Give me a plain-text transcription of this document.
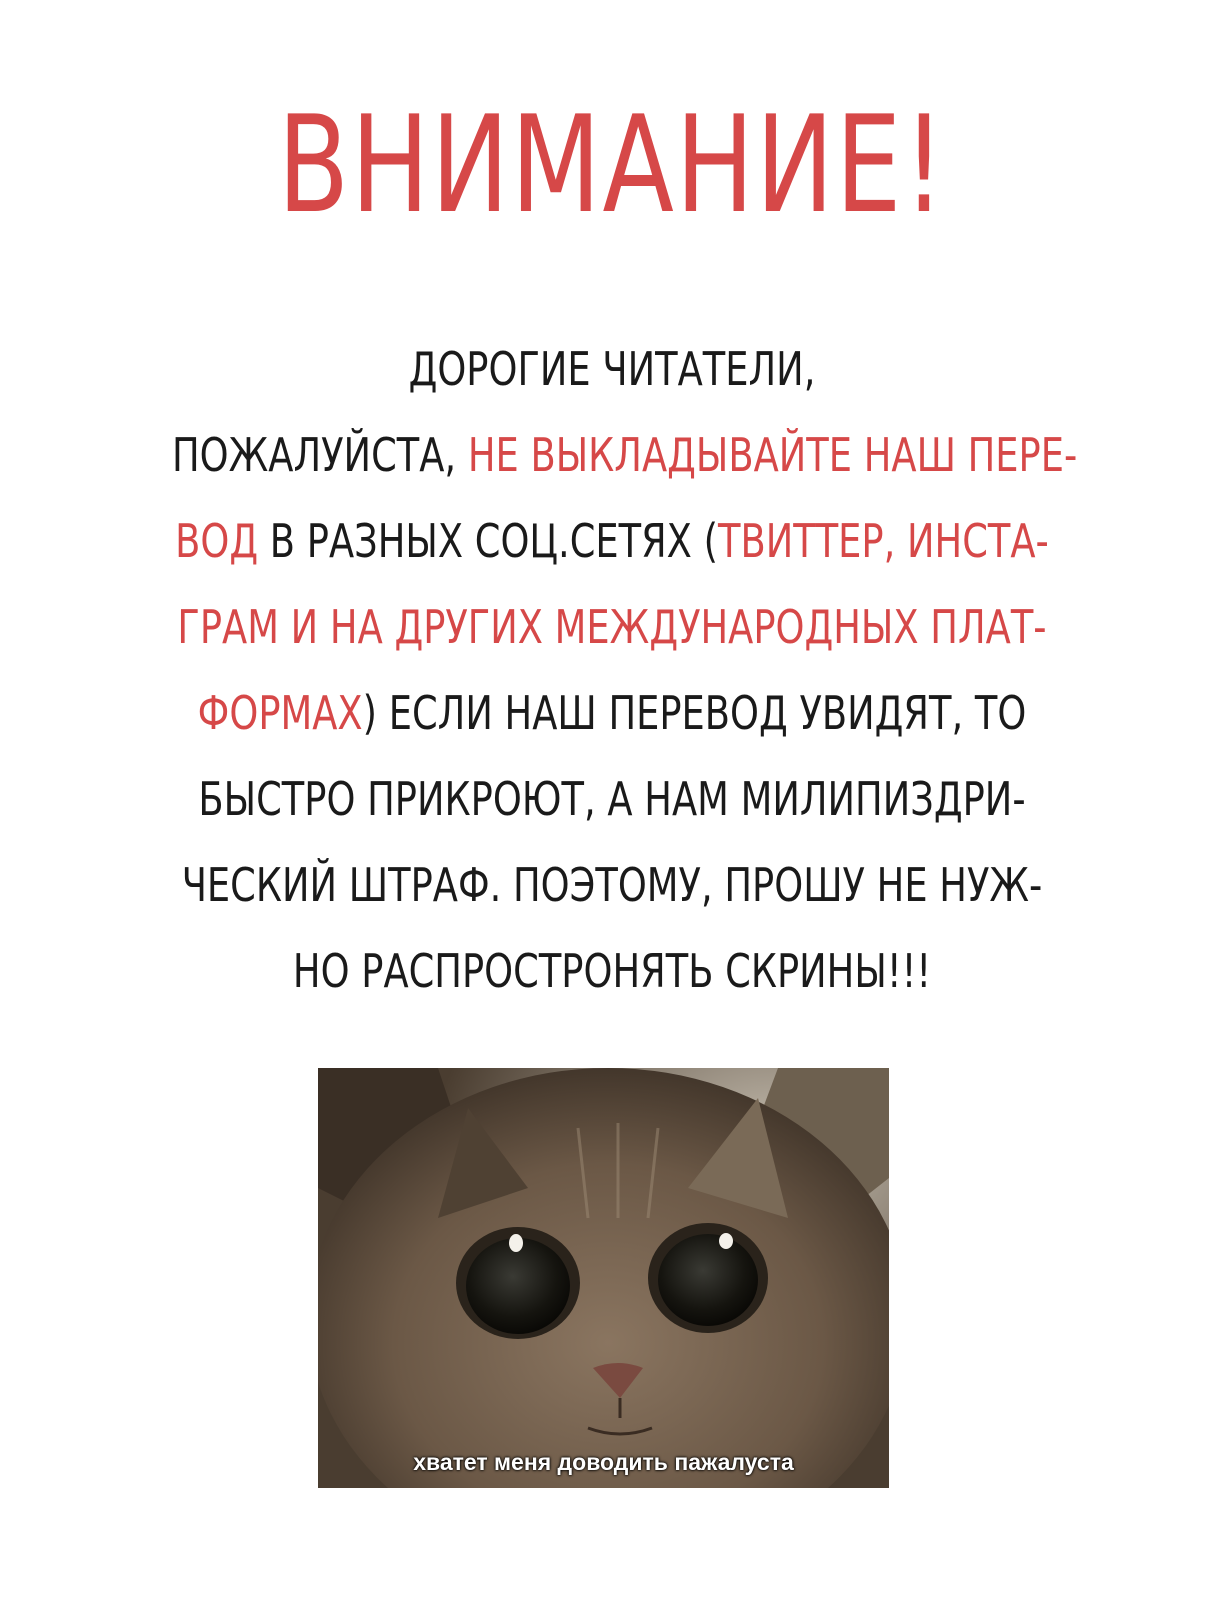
ВНИМАНИЕ!
ДОРОГИЕ ЧИТАТЕЛИ,
ПОЖАЛУЙСТА, НЕ ВЫКЛАДЫВАЙТЕ НАШ ПЕРЕ-
ВОД В РАЗНЫХ СОЦ.СЕТЯХ (ТВИТТЕР, ИНСТА-
ГРАМ И НА ДРУГИХ МЕЖДУНАРОДНЫХ ПЛАТ-
ФОРМАХ) ЕСЛИ НАШ ПЕРЕВОД УВИДЯТ, ТО
БЫСТРО ПРИКРОЮТ, А НАМ МИЛИПИЗДРИ-
ЧЕСКИЙ ШТРАФ. ПОЭТОМУ, ПРОШУ НЕ НУЖ-
НО РАСПРОСТРОНЯТЬ СКРИНЫ!!!
хватет меня доводить пажалуста
